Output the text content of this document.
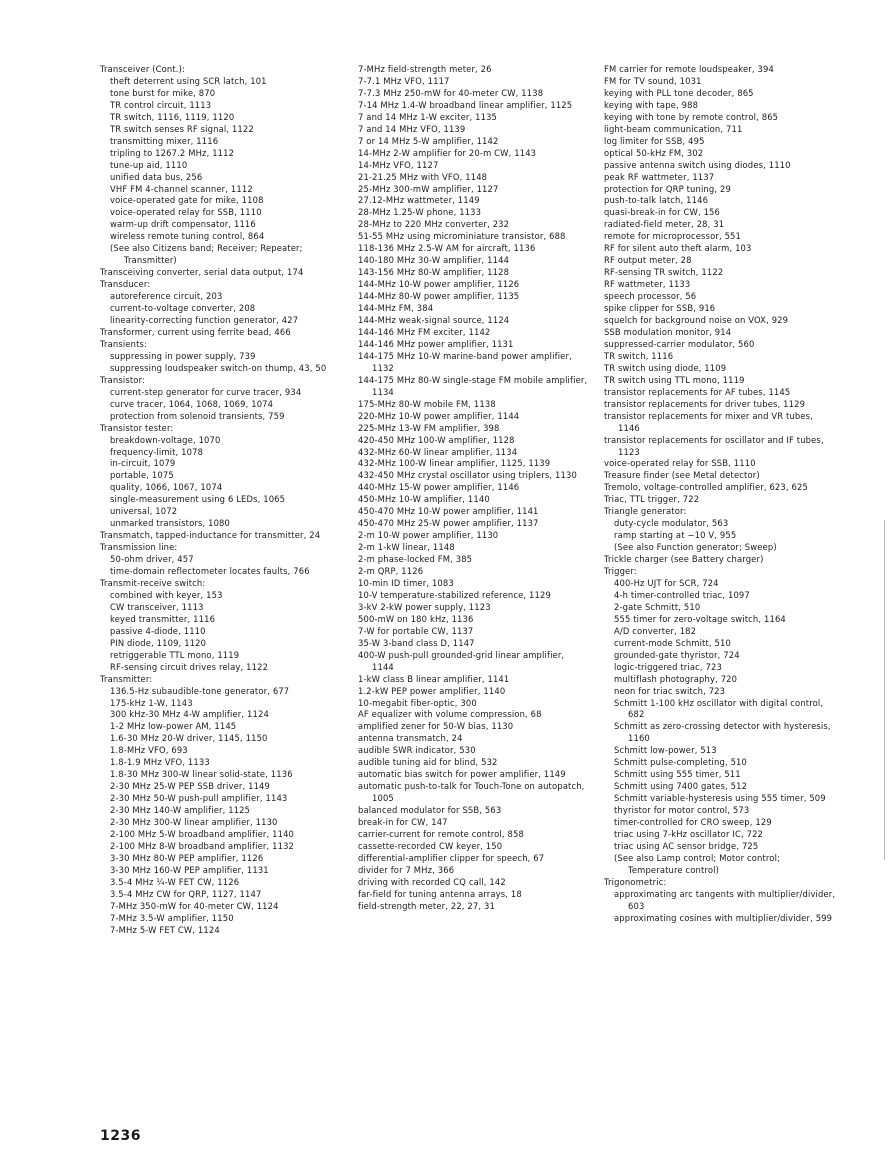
Transceiver (Cont.):
theft deterrent using SCR latch, 101
tone burst for mike, 870
TR control circuit, 1113
TR switch, 1116, 1119, 1120
TR switch senses RF signal, 1122
transmitting mixer, 1116
tripling to 1267.2 MHz, 1112
tune-up aid, 1110
unified data bus, 256
VHF FM 4-channel scanner, 1112
voice-operated gate for mike, 1108
voice-operated relay for SSB, 1110
warm-up drift compensator, 1116
wireless remote tuning control, 864
(See also Citizens band; Receiver; Repeater; Transmitter)
Transceiving converter, serial data output, 174
Transducer:
autoreference circuit, 203
current-to-voltage converter, 208
linearity-correcting function generator, 427
Transformer, current using ferrite bead, 466
Transients:
suppressing in power supply, 739
suppressing loudspeaker switch-on thump, 43, 50
Transistor:
current-step generator for curve tracer, 934
curve tracer, 1064, 1068, 1069, 1074
protection from solenoid transients, 759
Transistor tester:
breakdown-voltage, 1070
frequency-limit, 1078
in-circuit, 1079
portable, 1075
quality, 1066, 1067, 1074
single-measurement using 6 LEDs, 1065
universal, 1072
unmarked transistors, 1080
Transmatch, tapped-inductance for transmitter, 24
Transmission line:
50-ohm driver, 457
time-domain reflectometer locates faults, 766
Transmit-receive switch:
combined with keyer, 153
CW transceiver, 1113
keyed transmitter, 1116
passive 4-diode, 1110
PIN diode, 1109, 1120
retriggerable TTL mono, 1119
RF-sensing circuit drives relay, 1122
Transmitter:
136.5-Hz subaudible-tone generator, 677
175-kHz 1-W, 1143
300 kHz-30 MHz 4-W amplifier, 1124
1-2 MHz low-power AM, 1145
1.6-30 MHz 20-W driver, 1145, 1150
1.8-MHz VFO, 693
1.8-1.9 MHz VFO, 1133
1.8-30 MHz 300-W linear solid-state, 1136
2-30 MHz 25-W PEP SSB driver, 1149
2-30 MHz 50-W push-pull amplifier, 1143
2-30 MHz 140-W amplifier, 1125
2-30 MHz 300-W linear amplifier, 1130
2-100 MHz 5-W broadband amplifier, 1140
2-100 MHz 8-W broadband amplifier, 1132
3-30 MHz 80-W PEP amplifier, 1126
3-30 MHz 160-W PEP amplifier, 1131
3.5-4 MHz ¼-W FET CW, 1126
3.5-4 MHz CW for QRP, 1127, 1147
7-MHz 350-mW for 40-meter CW, 1124
7-MHz 3.5-W amplifier, 1150
7-MHz 5-W FET CW, 1124
7-MHz field-strength meter, 26
7-7.1 MHz VFO, 1117
7-7.3 MHz 250-mW for 40-meter CW, 1138
7-14 MHz 1.4-W broadband linear amplifier, 1125
7 and 14 MHz 1-W exciter, 1135
7 and 14 MHz VFO, 1139
7 or 14 MHz 5-W amplifier, 1142
14-MHz 2-W amplifier for 20-m CW, 1143
14-MHz VFO, 1127
21-21.25 MHz with VFO, 1148
25-MHz 300-mW amplifier, 1127
27.12-MHz wattmeter, 1149
28-MHz 1.25-W phone, 1133
28-MHz to 220 MHz converter, 232
51-55 MHz using microminiature transistor, 688
118-136 MHz 2.5-W AM for aircraft, 1136
140-180 MHz 30-W amplifier, 1144
143-156 MHz 80-W amplifier, 1128
144-MHz 10-W power amplifier, 1126
144-MHz 80-W power amplifier, 1135
144-MHz FM, 384
144-MHz weak-signal source, 1124
144-146 MHz FM exciter, 1142
144-146 MHz power amplifier, 1131
144-175 MHz 10-W marine-band power amplifier, 1132
144-175 MHz 80-W single-stage FM mobile amplifier, 1134
175-MHz 80-W mobile FM, 1138
220-MHz 10-W power amplifier, 1144
225-MHz 13-W FM amplifier, 398
420-450 MHz 100-W amplifier, 1128
432-MHz 60-W linear amplifier, 1134
432-MHz 100-W linear amplifier, 1125, 1139
432-450 MHz crystal oscillator using triplers, 1130
440-MHz 15-W power amplifier, 1146
450-MHz 10-W amplifier, 1140
450-470 MHz 10-W power amplifier, 1141
450-470 MHz 25-W power amplifier, 1137
2-m 10-W power amplifier, 1130
2-m 1-kW linear, 1148
2-m phase-locked FM, 385
2-m QRP, 1126
10-min ID timer, 1083
10-V temperature-stabilized reference, 1129
3-kV 2-kW power supply, 1123
500-mW on 180 kHz, 1136
7-W for portable CW, 1137
35-W 3-band class D, 1147
400-W push-pull grounded-grid linear amplifier, 1144
1-kW class B linear amplifier, 1141
1.2-kW PEP power amplifier, 1140
10-megabit fiber-optic, 300
AF equalizer with volume compression, 68
amplified zener for 50-W bias, 1130
antenna transmatch, 24
audible SWR indicator, 530
audible tuning aid for blind, 532
automatic bias switch for power amplifier, 1149
automatic push-to-talk for Touch-Tone on autopatch, 1005
balanced modulator for SSB, 563
break-in for CW, 147
carrier-current for remote control, 858
cassette-recorded CW keyer, 150
differential-amplifier clipper for speech, 67
divider for 7 MHz, 366
driving with recorded CQ call, 142
far-field for tuning antenna arrays, 18
field-strength meter, 22, 27, 31
FM carrier for remote loudspeaker, 394
FM for TV sound, 1031
keying with PLL tone decoder, 865
keying with tape, 988
keying with tone by remote control, 865
light-beam communication, 711
log limiter for SSB, 495
optical 50-kHz FM, 302
passive antenna switch using diodes, 1110
peak RF wattmeter, 1137
protection for QRP tuning, 29
push-to-talk latch, 1146
quasi-break-in for CW, 156
radiated-field meter, 28, 31
remote for microprocessor, 551
RF for silent auto theft alarm, 103
RF output meter, 28
RF-sensing TR switch, 1122
RF wattmeter, 1133
speech processor, 56
spike clipper for SSB, 916
squelch for background noise on VOX, 929
SSB modulation monitor, 914
suppressed-carrier modulator, 560
TR switch, 1116
TR switch using diode, 1109
TR switch using TTL mono, 1119
transistor replacements for AF tubes, 1145
transistor replacements for driver tubes, 1129
transistor replacements for mixer and VR tubes, 1146
transistor replacements for oscillator and IF tubes, 1123
voice-operated relay for SSB, 1110
Treasure finder (see Metal detector)
Tremolo, voltage-controlled amplifier, 623, 625
Triac, TTL trigger, 722
Triangle generator:
duty-cycle modulator, 563
ramp starting at −10 V, 955
(See also Function generator; Sweep)
Trickle charger (see Battery charger)
Trigger:
400-Hz UJT for SCR, 724
4-h timer-controlled triac, 1097
2-gate Schmitt, 510
555 timer for zero-voltage switch, 1164
A/D converter, 182
current-mode Schmitt, 510
grounded-gate thyristor, 724
logic-triggered triac, 723
multiflash photography, 720
neon for triac switch, 723
Schmitt 1-100 kHz oscillator with digital control, 682
Schmitt as zero-crossing detector with hysteresis, 1160
Schmitt low-power, 513
Schmitt pulse-completing, 510
Schmitt using 555 timer, 511
Schmitt using 7400 gates, 512
Schmitt variable-hysteresis using 555 timer, 509
thyristor for motor control, 573
timer-controlled for CRO sweep, 129
triac using 7-kHz oscillator IC, 722
triac using AC sensor bridge, 725
(See also Lamp control; Motor control; Temperature control)
Trigonometric:
approximating arc tangents with multiplier/divider, 603
approximating cosines with multiplier/divider, 599
1236
